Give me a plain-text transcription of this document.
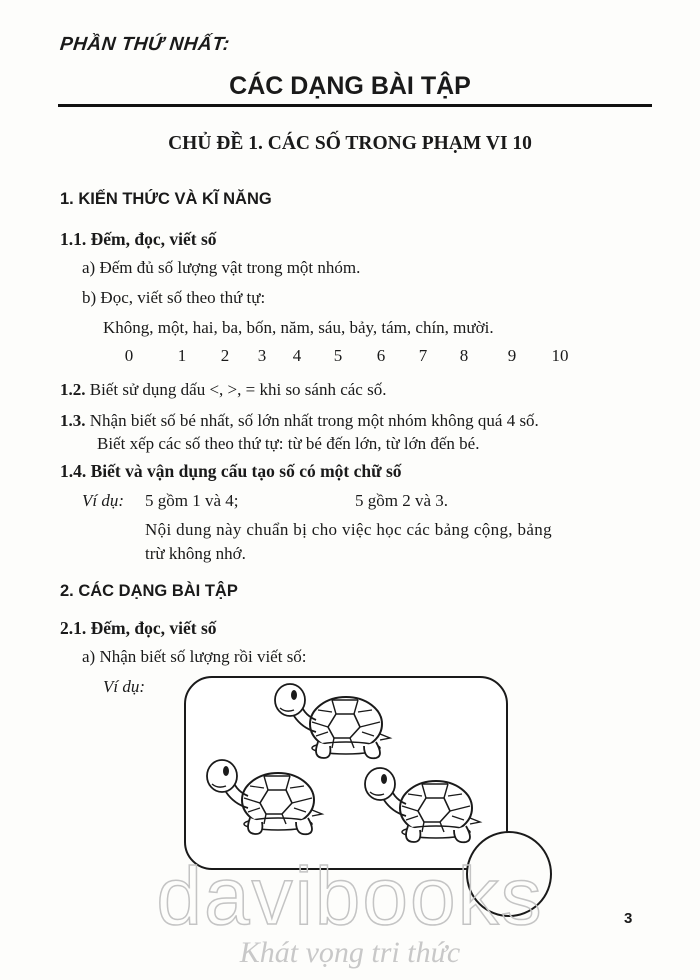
PHẦN THỨ NHẤT:
CÁC DẠNG BÀI TẬP
CHỦ ĐỀ 1. CÁC SỐ TRONG PHẠM VI 10
1. KIẾN THỨC VÀ KĨ NĂNG
1.1. Đếm, đọc, viết số
a) Đếm đủ số lượng vật trong một nhóm.
b) Đọc, viết số theo thứ tự:
Không, một, hai, ba, bốn, năm, sáu, bảy, tám, chín, mười.
0	1 2 3 4 5 6 7 8 9 10
1.2. Biết sử dụng dấu <, >, = khi so sánh các số.
1.3. Nhận biết số bé nhất, số lớn nhất trong một nhóm không quá 4 số.
Biết xếp các số theo thứ tự: từ bé đến lớn, từ lớn đến bé.
1.4. Biết và vận dụng cấu tạo số có một chữ số
Ví dụ: 5 gồm 1 và 4;	5 gồm 2 và 3.
Nội dung này chuẩn bị cho việc học các bảng cộng, bảng
trừ không nhớ.
2. CÁC DẠNG BÀI TẬP
2.1. Đếm, đọc, viết số
a) Nhận biết số lượng rồi viết số:
Ví dụ:
3
davibooks
Khát vọng tri thức
